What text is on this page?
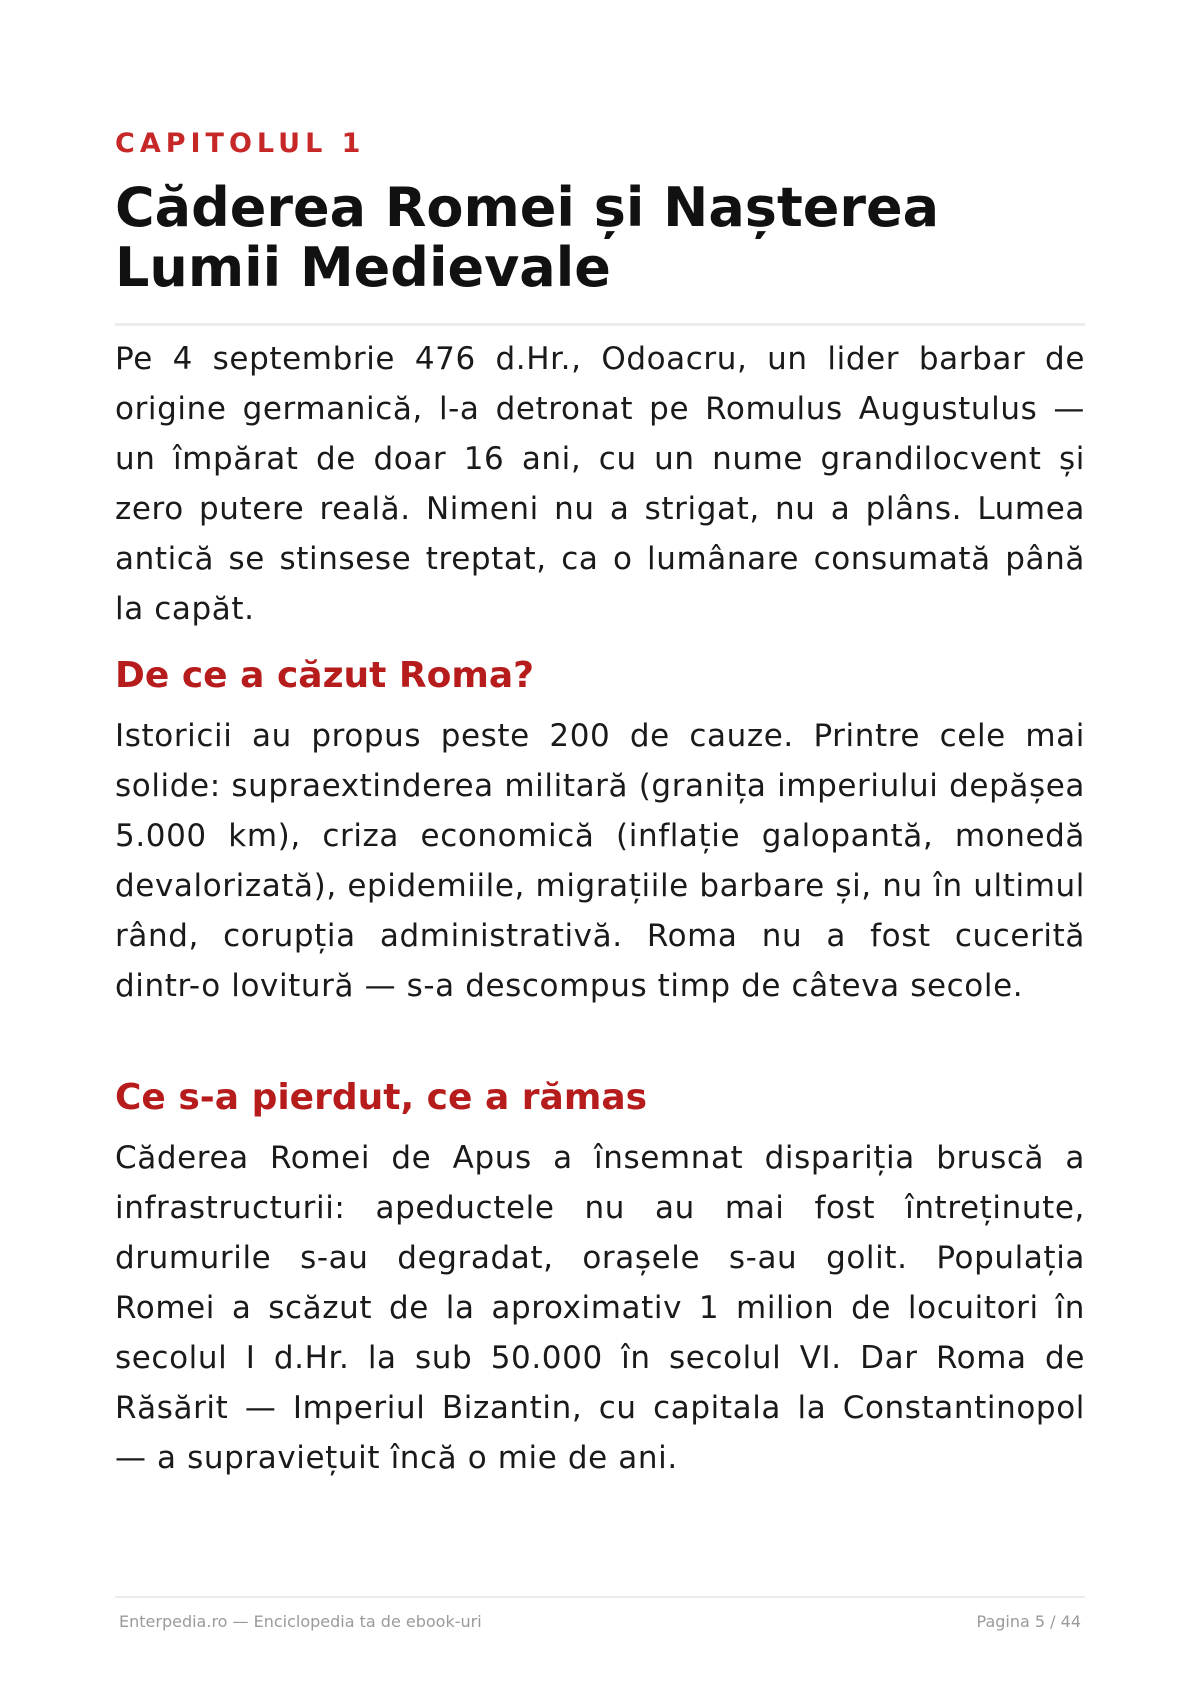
CAPITOLUL 1
Căderea Romei și Nașterea Lumii Medievale

Pe 4 septembrie 476 d.Hr., Odoacru, un lider barbar de origine germanică, l-a detronat pe Romulus Augustulus — un împărat de doar 16 ani, cu un nume grandilocvent și zero putere reală. Nimeni nu a strigat, nu a plâns. Lumea antică se stinsese treptat, ca o lumânare consumată până la capăt.

De ce a căzut Roma?

Istoricii au propus peste 200 de cauze. Printre cele mai solide: supraextinderea militară (granița imperiului depășea 5.000 km), criza economică (inflație galopantă, monedă devalorizată), epidemiile, migrațiile barbare și, nu în ultimul rând, corupția administrativă. Roma nu a fost cucerită dintr-o lovitură — s-a descompus timp de câteva secole.

Ce s-a pierdut, ce a rămas

Căderea Romei de Apus a însemnat dispariția bruscă a infrastructurii: apeductele nu au mai fost întreținute, drumurile s-au degradat, orașele s-au golit. Populația Romei a scăzut de la aproximativ 1 milion de locuitori în secolul I d.Hr. la sub 50.000 în secolul VI. Dar Roma de Răsărit — Imperiul Bizantin, cu capitala la Constantinopol — a supraviețuit încă o mie de ani.

Enterpedia.ro — Enciclopedia ta de ebook-uri	Pagina 5 / 44
